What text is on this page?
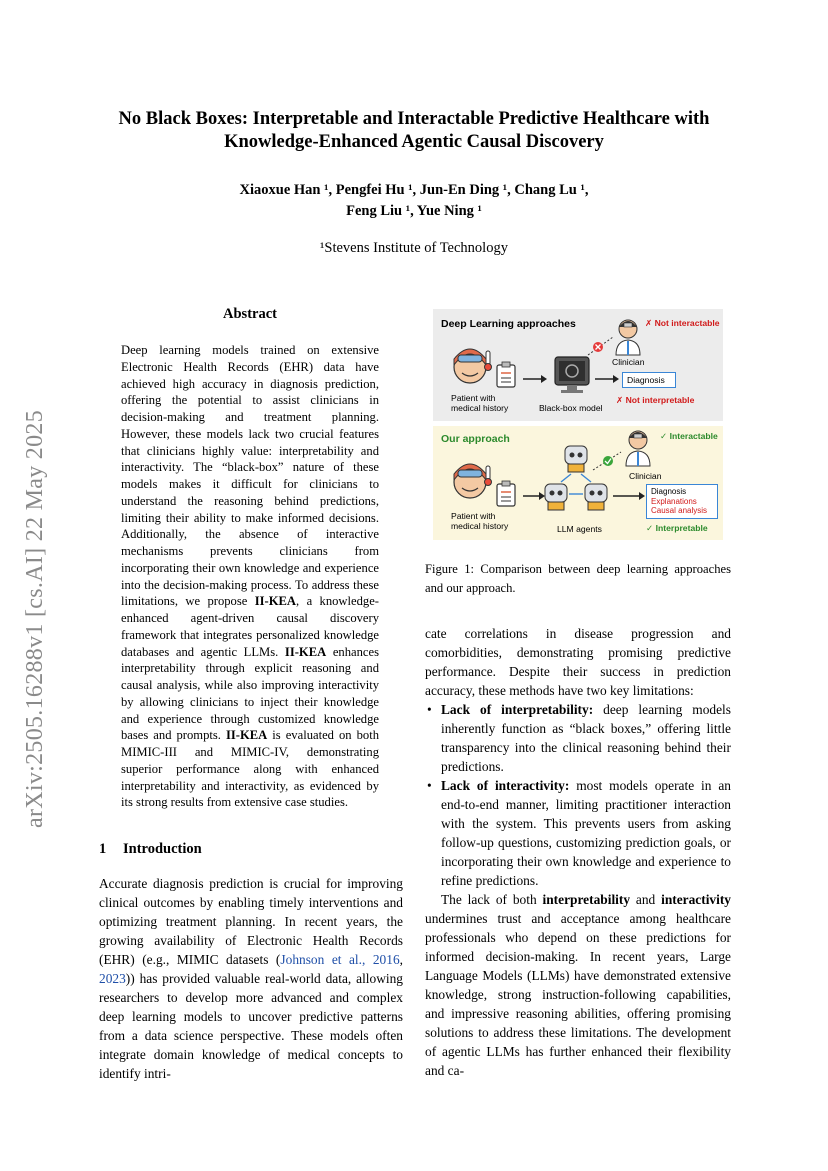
No Black Boxes: Interpretable and Interactable Predictive Healthcare with
Knowledge-Enhanced Agentic Causal Discovery
Xiaoxue Han ¹, Pengfei Hu ¹, Jun-En Ding ¹, Chang Lu ¹,
Feng Liu ¹, Yue Ning ¹
¹Stevens Institute of Technology
arXiv:2505.16288v1 [cs.AI] 22 May 2025
Abstract
Deep learning models trained on extensive Electronic Health Records (EHR) data have achieved high accuracy in diagnosis prediction, offering the potential to assist clinicians in decision-making and treatment planning. However, these models lack two crucial features that clinicians highly value: interpretability and interactivity. The “black-box” nature of these models makes it difficult for clinicians to understand the reasoning behind predictions, limiting their ability to make informed decisions. Additionally, the absence of interactive mechanisms prevents clinicians from incorporating their own knowledge and experience into the decision-making process. To address these limitations, we propose II-KEA, a knowledge-enhanced agent-driven causal discovery framework that integrates personalized knowledge databases and agentic LLMs. II-KEA enhances interpretability through explicit reasoning and causal analysis, while also improving interactivity by allowing clinicians to inject their knowledge and experience through customized knowledge bases and prompts. II-KEA is evaluated on both MIMIC-III and MIMIC-IV, demonstrating superior performance along with enhanced interpretability and interactivity, as evidenced by its strong results from extensive case studies.
1 Introduction
Accurate diagnosis prediction is crucial for improving clinical outcomes by enabling timely interventions and optimizing treatment planning. In recent years, the growing availability of Electronic Health Records (EHR) (e.g., MIMIC datasets (Johnson et al., 2016, 2023)) has provided valuable real-world data, allowing researchers to develop more advanced and complex deep learning models to uncover predictive patterns from a data science perspective. These models often integrate domain knowledge of medical concepts to identify intri-
Deep Learning approaches	✗ Not interactable
Clinician
Diagnosis
Patient with medical history	Black-box model
✗ Not interpretable
Our approach	✓ Interactable
Clinician
Diagnosis
Explanations
Causal analysis
Patient with medical history	LLM agents	✓ Interpretable
Figure 1: Comparison between deep learning approaches and our approach.

cate correlations in disease progression and comorbidities, demonstrating promising predictive performance. Despite their success in prediction accuracy, these methods have two key limitations:

• Lack of interpretability: deep learning models inherently function as “black boxes,” offering little transparency into the clinical reasoning behind their predictions.
• Lack of interactivity: most models operate in an end-to-end manner, limiting practitioner interaction with the system. This prevents users from asking follow-up questions, customizing prediction goals, or incorporating their own knowledge and experience to refine predictions.

The lack of both interpretability and interactivity undermines trust and acceptance among healthcare professionals who depend on these predictions for informed decision-making. In recent years, Large Language Models (LLMs) have demonstrated extensive knowledge, strong instruction-following capabilities, and impressive reasoning abilities, offering promising solutions to address these limitations. The development of agentic LLMs has further enhanced their flexibility and ca-
